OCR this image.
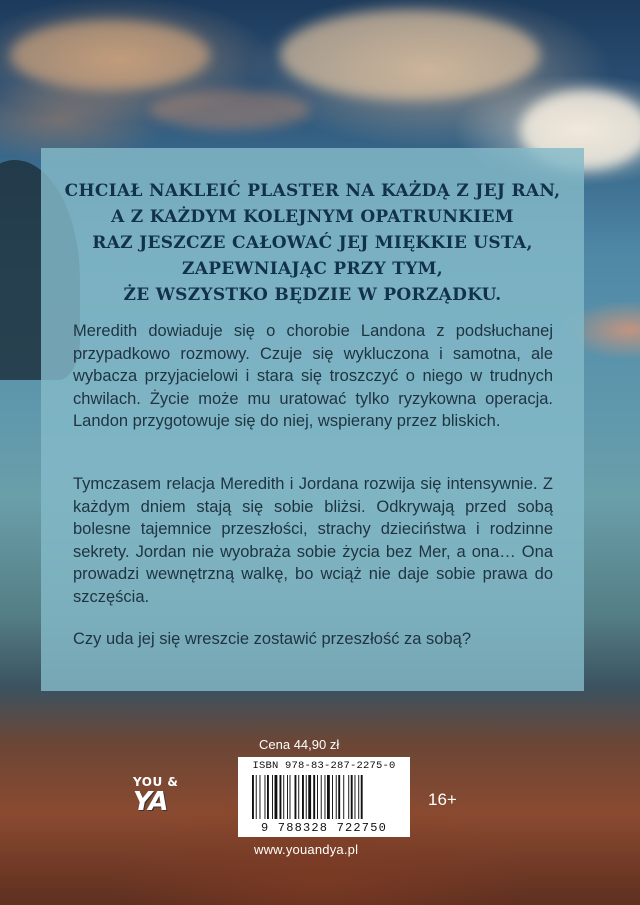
CHCIAŁ NAKLEIĆ PLASTER NA KAŻDĄ Z JEJ RAN,
A Z KAŻDYM KOLEJNYM OPATRUNKIEM
RAZ JESZCZE CAŁOWAĆ JEJ MIĘKKIE USTA,
ZAPEWNIAJĄC PRZY TYM,
ŻE WSZYSTKO BĘDZIE W PORZĄDKU.

Meredith dowiaduje się o chorobie Landona z podsłuchanej przypadkowo rozmowy. Czuje się wykluczona i samotna, ale wybacza przyjacielowi i stara się troszczyć o niego w trudnych chwilach. Życie może mu uratować tylko ryzykowna operacja. Landon przygotowuje się do niej, wspierany przez bliskich.

Tymczasem relacja Meredith i Jordana rozwija się intensywnie. Z każdym dniem stają się sobie bliżsi. Odkrywają przed sobą bolesne tajemnice przeszłości, strachy dzieciństwa i rodzinne sekrety. Jordan nie wyobraża sobie życia bez Mer, a ona… Ona prowadzi wewnętrzną walkę, bo wciąż nie daje sobie prawa do szczęścia.

Czy uda jej się wreszcie zostawić przeszłość za sobą?

YOU &
YA
Cena 44,90 zł
ISBN 978-83-287-2275-0
9 788328 722750
16+
www.youandya.pl
